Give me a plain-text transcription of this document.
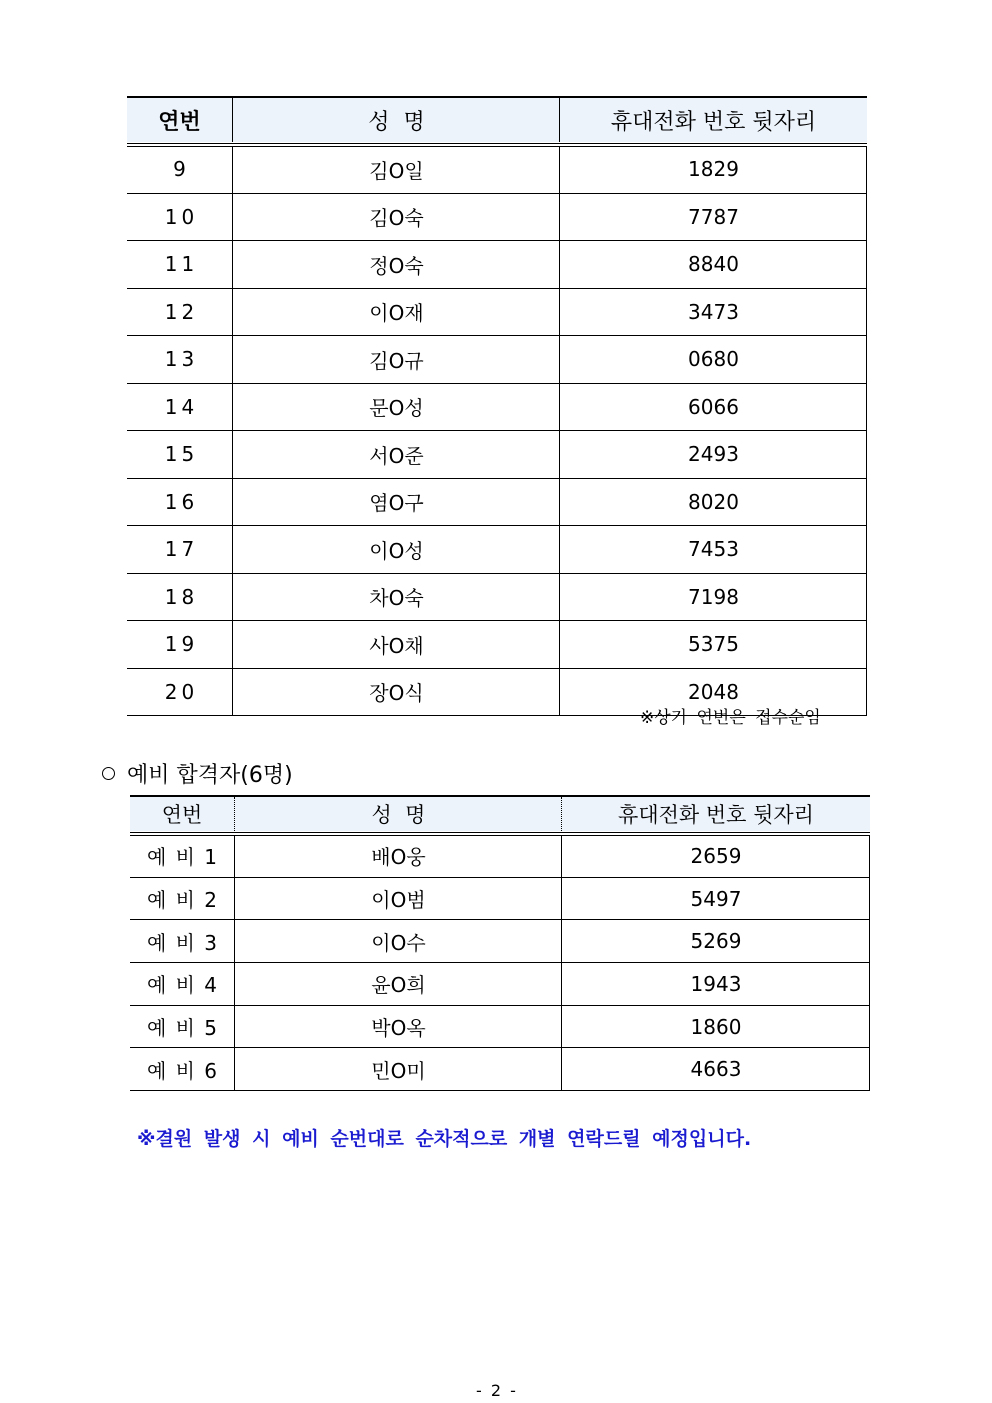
연번	성  명	휴대전화 번호 뒷자리
9	김O일	1829
10	김O숙	7787
11	정O숙	8840
12	이O재	3473
13	김O규	0680
14	문O성	6066
15	서O준	2493
16	염O구	8020
17	이O성	7453
18	차O숙	7198
19	사O채	5375
20	장O식	2048
※상기 연번은 접수순임
예비 합격자(6명)
연번	성  명	휴대전화 번호 뒷자리
예 비 1	배O웅	2659
예 비 2	이O범	5497
예 비 3	이O수	5269
예 비 4	윤O희	1943
예 비 5	박O옥	1860
예 비 6	민O미	4663
※결원 발생 시 예비 순번대로 순차적으로 개별 연락드릴 예정입니다.
- 2 -
